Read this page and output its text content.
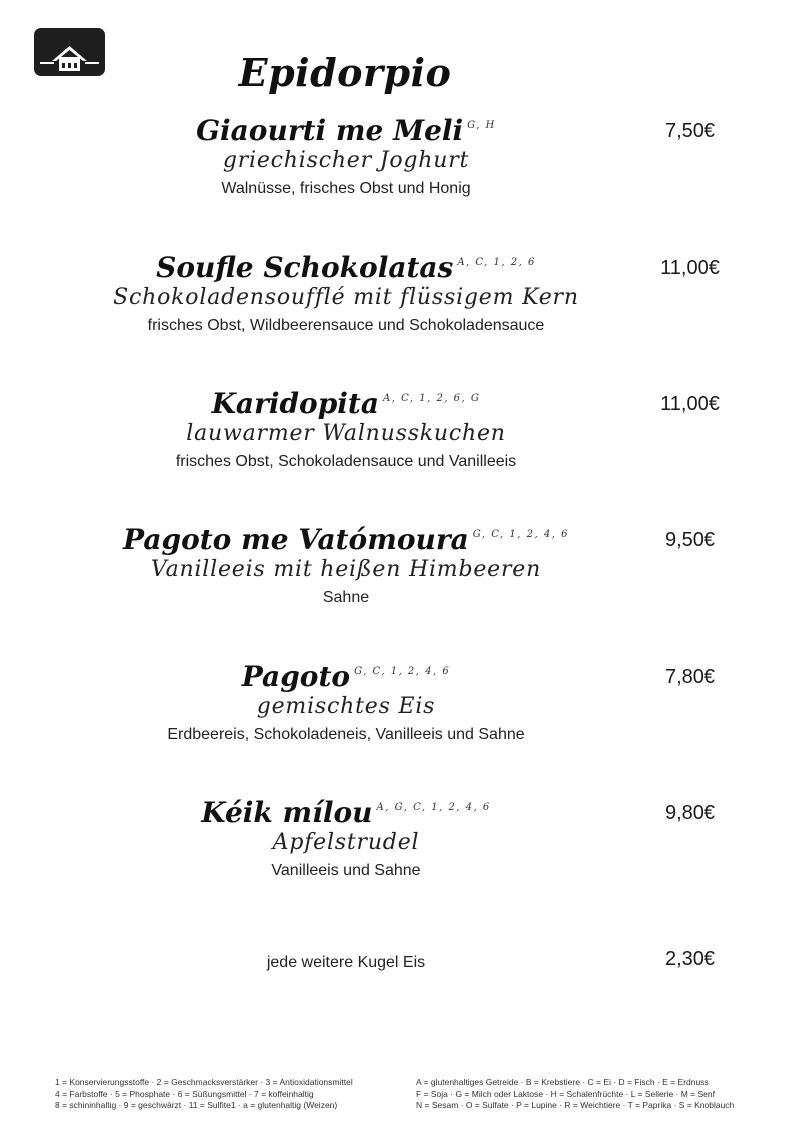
Epidorpio
Giaourti me Meli $^{G, H}$
griechischer Joghurt
Walnüsse, frisches Obst und Honig
7,50€
Soufle Schokolatas $^{A, C, 1, 2, 6}$
Schokoladensoufflé mit flüssigem Kern
frisches Obst, Wildbeerensauce und Schokoladensauce
11,00€
Karidopita $^{A, C, 1, 2, 6, G}$
lauwarmer Walnusskuchen
frisches Obst, Schokoladensauce und Vanilleeis
11,00€
Pagoto me Vatómoura $^{G, C, 1, 2, 4, 6}$
Vanilleeis mit heißen Himbeeren
Sahne
9,50€
Pagoto $^{G, C, 1, 2, 4, 6}$
gemischtes Eis
Erdbeereis, Schokoladeneis, Vanilleeis und Sahne
7,80€
Kéik mílou $^{A, G, C, 1, 2, 4, 6}$
Apfelstrudel
Vanilleeis und Sahne
9,80€
jede weitere Kugel Eis	2,30€
1 = Konservierungsstoffe · 2 = Geschmacksverstärker · 3 = Antioxidationsmittel
4 = Farbstoffe · 5 = Phosphate · 6 = Süßungsmittel · 7 = koffeinhaltig
8 = schininhaltig · 9 = geschwärzt · 11 = Sulfite1 · a = glutenhaltig (Weizen)
A = glutenhaltiges Getreide · B = Krebstiere · C = Ei · D = Fisch · E = Erdnuss
F = Soja · G = Milch oder Laktose · H = Schalenfrüchte · L = Sellerie · M = Senf
N = Sesam · O = Sulfate · P = Lupine · R = Weichtiere · T = Paprika · S = Knoblauch
